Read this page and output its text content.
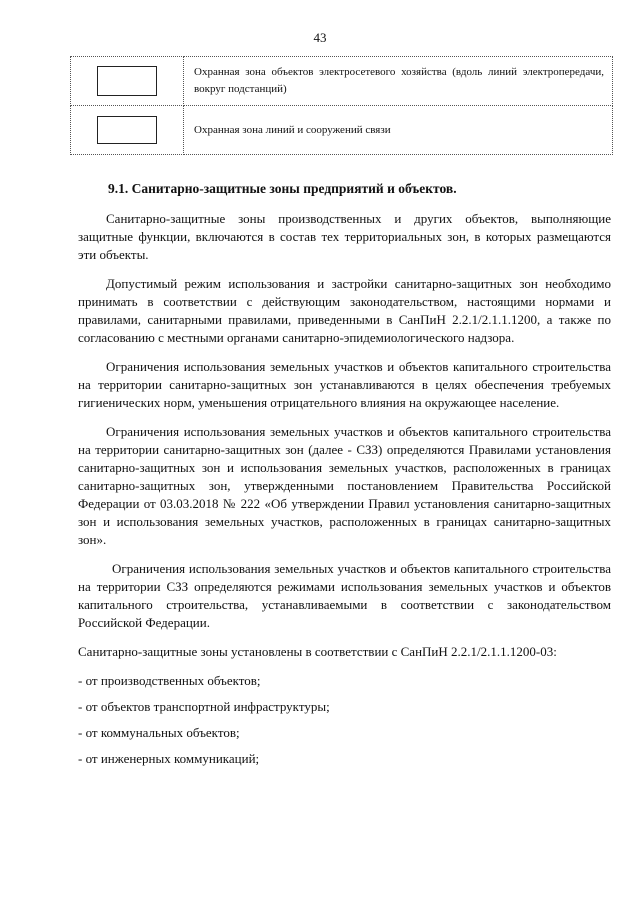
43
	Охранная зона объектов электросетевого хозяйства (вдоль линий электропередачи, вокруг подстанций)

	Охранная зона линий и сооружений связи
9.1. Санитарно-защитные зоны предприятий и объектов.

Санитарно-защитные зоны производственных и других объектов, выполняющие защитные функции, включаются в состав тех территориальных зон, в которых размещаются эти объекты.

Допустимый режим использования и застройки санитарно-защитных зон необходимо принимать в соответствии с действующим законодательством, настоящими нормами и правилами, санитарными правилами, приведенными в СанПиН 2.2.1/2.1.1.1200, а также по согласованию с местными органами санитарно-эпидемиологического надзора.

Ограничения использования земельных участков и объектов капитального строительства на территории санитарно-защитных зон устанавливаются в целях обеспечения требуемых гигиенических норм, уменьшения отрицательного влияния на окружающее население.

Ограничения использования земельных участков и объектов капитального строительства на территории санитарно-защитных зон (далее - СЗЗ) определяются Правилами установления санитарно-защитных зон и использования земельных участков, расположенных в границах санитарно-защитных зон, утвержденными постановлением Правительства Российской Федерации от 03.03.2018 № 222 «Об утверждении Правил установления санитарно-защитных зон и использования земельных участков, расположенных в границах санитарно-защитных зон».

Ограничения использования земельных участков и объектов капитального строительства на территории СЗЗ определяются режимами использования земельных участков и объектов капитального строительства, устанавливаемыми в соответствии с законодательством Российской Федерации.

Санитарно-защитные зоны установлены в соответствии с СанПиН 2.2.1/2.1.1.1200-03:

- от производственных объектов;

- от объектов транспортной инфраструктуры;

- от коммунальных объектов;

- от инженерных коммуникаций;
